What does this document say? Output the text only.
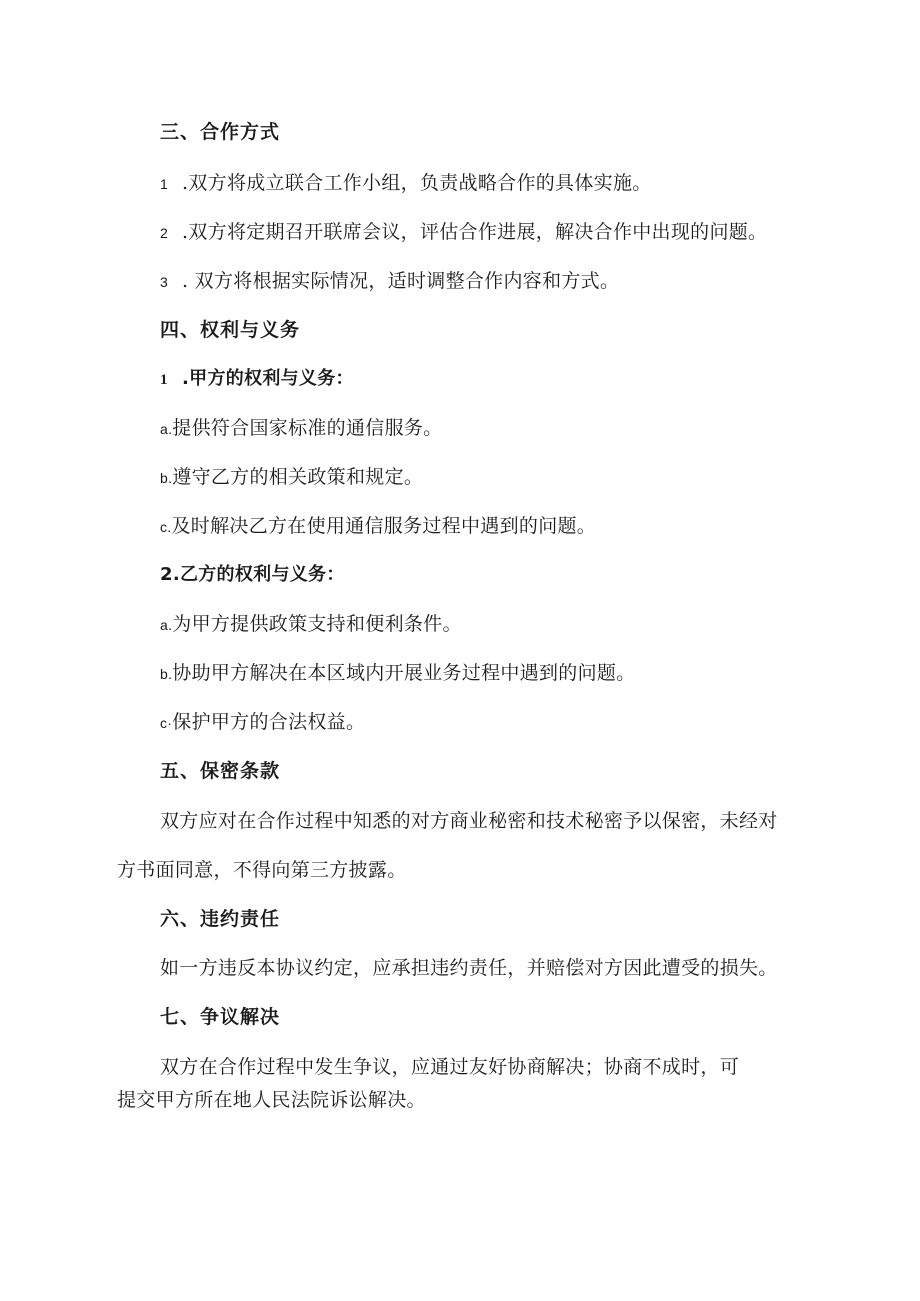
三、合作方式
1 .双方将成立联合工作小组，负责战略合作的具体实施。
2 .双方将定期召开联席会议，评估合作进展，解决合作中出现的问题。
3 . 双方将根据实际情况，适时调整合作内容和方式。
四、权利与义务
1 .甲方的权利与义务：
a.提供符合国家标准的通信服务。
b.遵守乙方的相关政策和规定。
c.及时解决乙方在使用通信服务过程中遇到的问题。
2.乙方的权利与义务：
a.为甲方提供政策支持和便利条件。
b.协助甲方解决在本区域内开展业务过程中遇到的问题。
c·保护甲方的合法权益。
五、保密条款
双方应对在合作过程中知悉的对方商业秘密和技术秘密予以保密，未经对
方书面同意，不得向第三方披露。
六、违约责任
如一方违反本协议约定，应承担违约责任，并赔偿对方因此遭受的损失。
七、争议解决
双方在合作过程中发生争议，应通过友好协商解决；协商不成时，可
提交甲方所在地人民法院诉讼解决。
